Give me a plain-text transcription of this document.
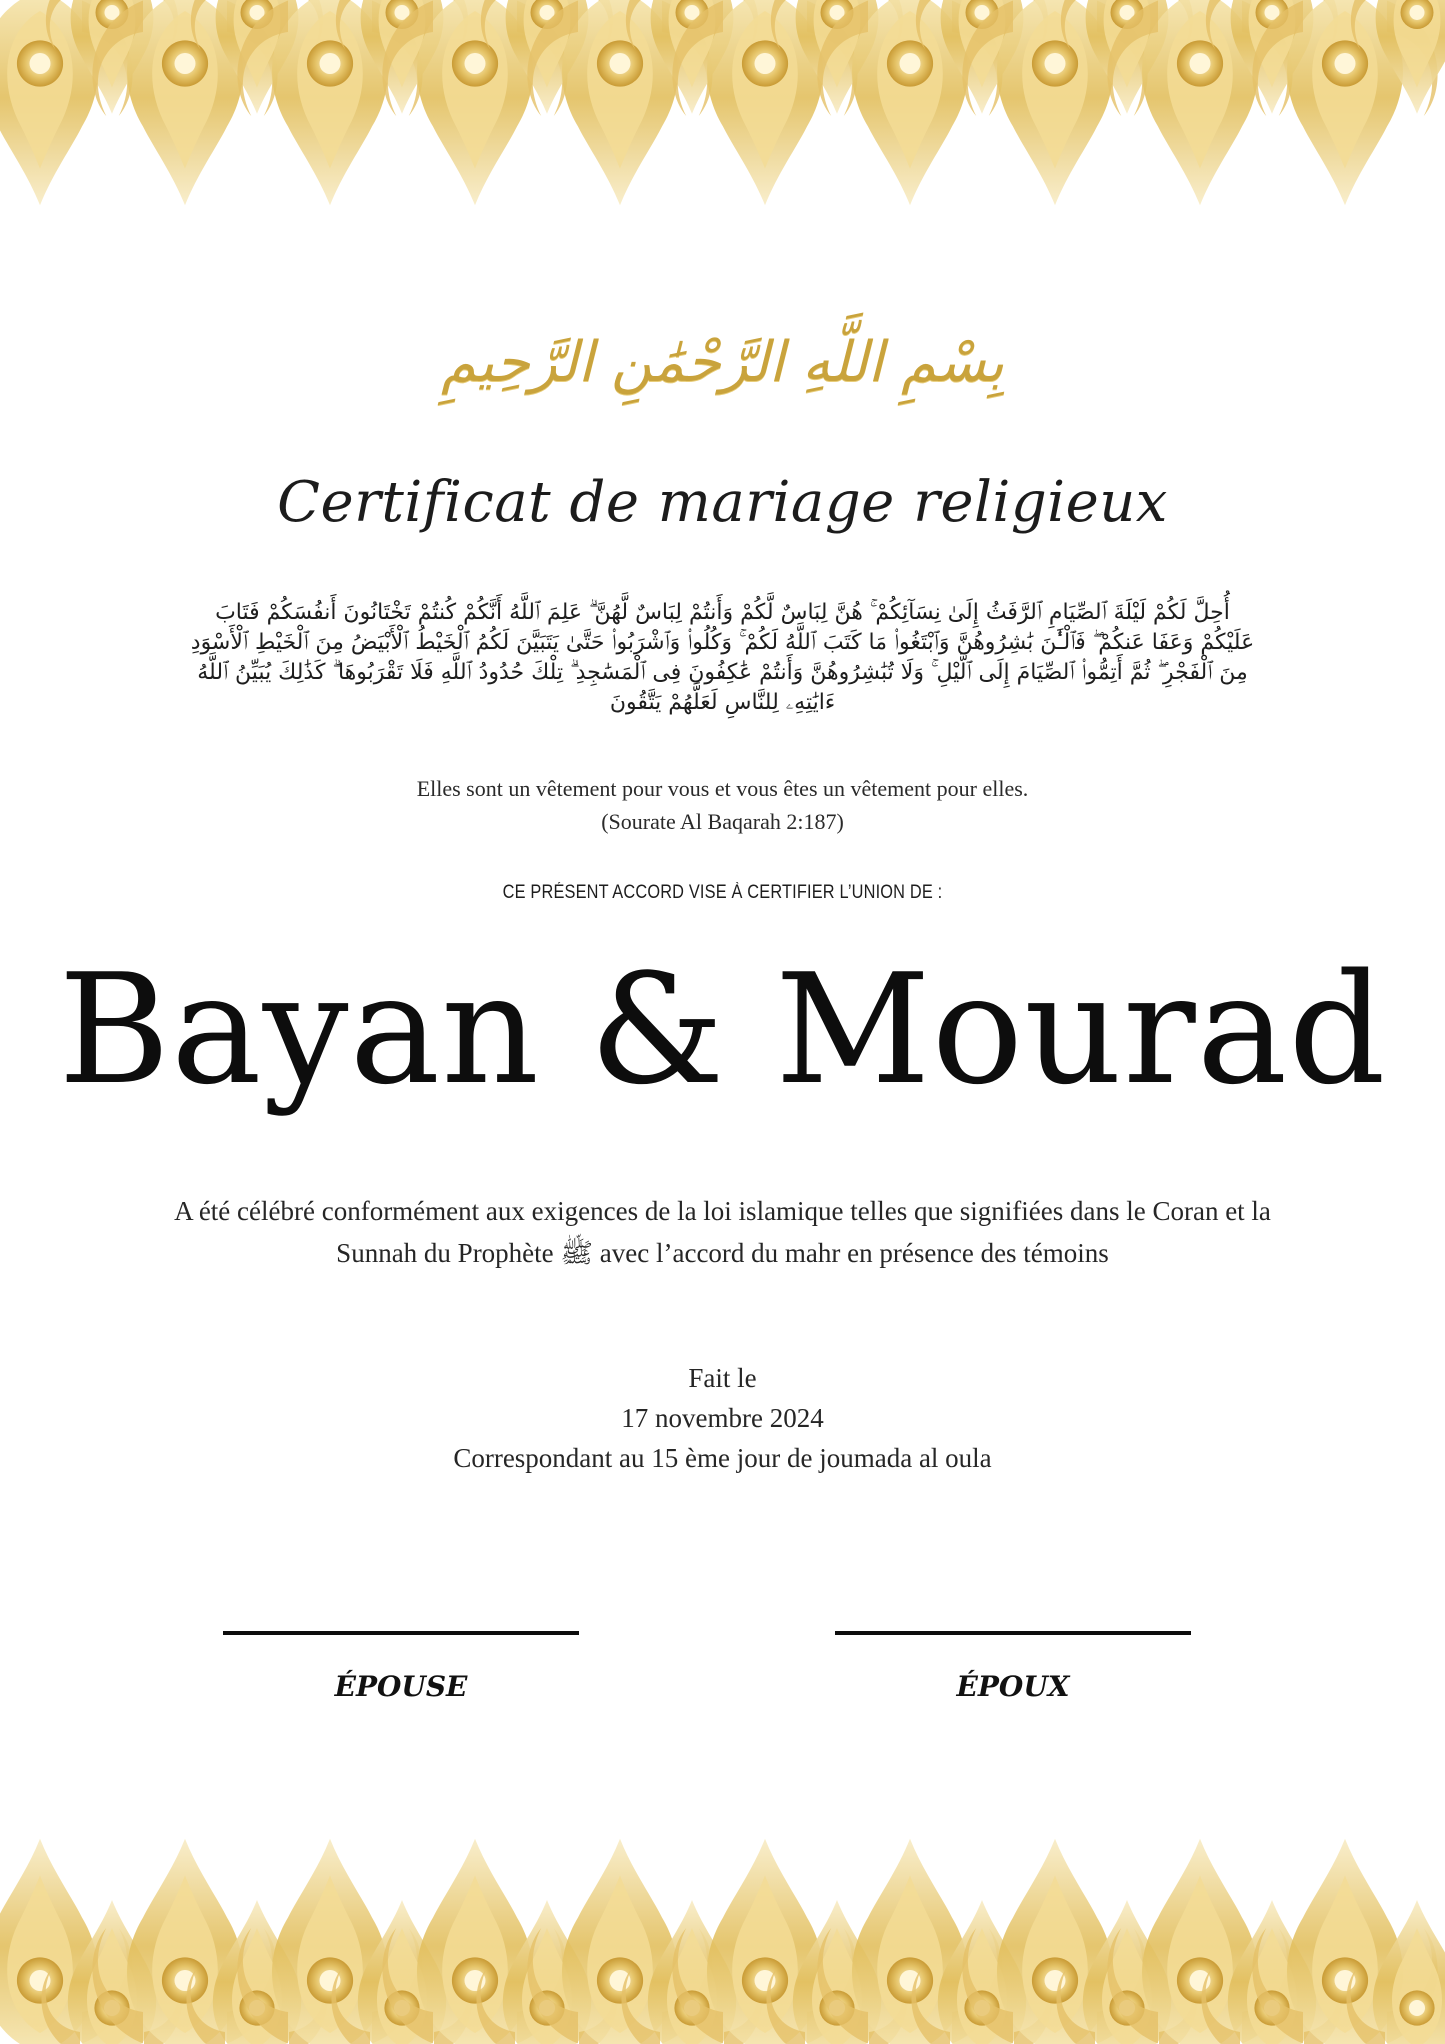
بِسْمِ اللَّهِ الرَّحْمَٰنِ الرَّحِيمِ
Certificat de mariage religieux
أُحِلَّ لَكُمْ لَيْلَةَ ٱلصِّيَامِ ٱلرَّفَثُ إِلَىٰ نِسَآئِكُمْ ۚ هُنَّ لِبَاسٌ لَّكُمْ وَأَنتُمْ لِبَاسٌ لَّهُنَّ ۗ عَلِمَ ٱللَّهُ أَنَّكُمْ كُنتُمْ تَخْتَانُونَ أَنفُسَكُمْ فَتَابَ عَلَيْكُمْ وَعَفَا عَنكُمْ ۖ فَٱلْـَٰٔنَ بَٰشِرُوهُنَّ وَٱبْتَغُوا۟ مَا كَتَبَ ٱللَّهُ لَكُمْ ۚ وَكُلُوا۟ وَٱشْرَبُوا۟ حَتَّىٰ يَتَبَيَّنَ لَكُمُ ٱلْخَيْطُ ٱلْأَبْيَضُ مِنَ ٱلْخَيْطِ ٱلْأَسْوَدِ مِنَ ٱلْفَجْرِ ۖ ثُمَّ أَتِمُّوا۟ ٱلصِّيَامَ إِلَى ٱلَّيْلِ ۚ وَلَا تُبَٰشِرُوهُنَّ وَأَنتُمْ عَٰكِفُونَ فِى ٱلْمَسَٰجِدِ ۗ تِلْكَ حُدُودُ ٱللَّهِ فَلَا تَقْرَبُوهَا ۗ كَذَٰلِكَ يُبَيِّنُ ٱللَّهُ ءَايَٰتِهِۦ لِلنَّاسِ لَعَلَّهُمْ يَتَّقُونَ
Elles sont un vêtement pour vous et vous êtes un vêtement pour elles.
(Sourate Al Baqarah 2:187)
CE PRÉSENT ACCORD VISE À CERTIFIER L’UNION DE :
Bayan & Mourad
A été célébré conformément aux exigences de la loi islamique telles que signifiées dans le Coran et la Sunnah du Prophète ﷺ avec l’accord du mahr en présence des témoins
Fait le
17 novembre 2024
Correspondant au 15 ème jour de joumada al oula
ÉPOUSE	ÉPOUX
